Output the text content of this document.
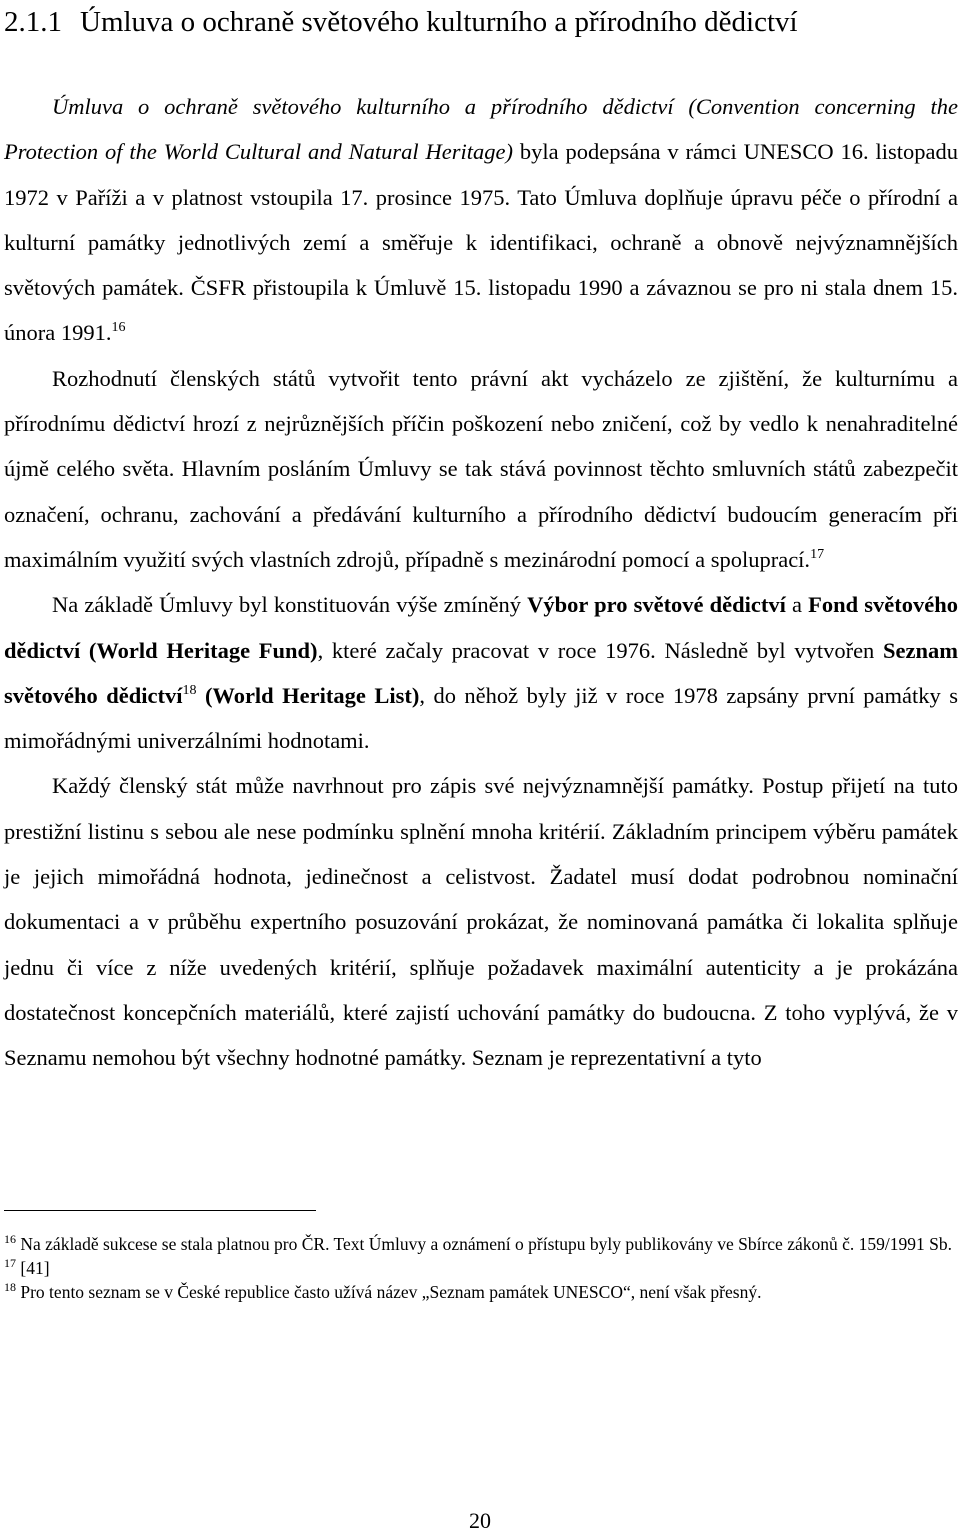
2.1.1 Úmluva o ochraně světového kulturního a přírodního dědictví

Úmluva o ochraně světového kulturního a přírodního dědictví (Convention concerning the Protection of the World Cultural and Natural Heritage) byla podepsána v rámci UNESCO 16. listopadu 1972 v Paříži a v platnost vstoupila 17. prosince 1975. Tato Úmluva doplňuje úpravu péče o přírodní a kulturní památky jednotlivých zemí a směřuje k identifikaci, ochraně a obnově nejvýznamnějších světových památek. ČSFR přistoupila k Úmluvě 15. listopadu 1990 a závaznou se pro ni stala dnem 15. února 1991.16

Rozhodnutí členských států vytvořit tento právní akt vycházelo ze zjištění, že kulturnímu a přírodnímu dědictví hrozí z nejrůznějších příčin poškození nebo zničení, což by vedlo k nenahraditelné újmě celého světa. Hlavním posláním Úmluvy se tak stává povinnost těchto smluvních států zabezpečit označení, ochranu, zachování a předávání kulturního a přírodního dědictví budoucím generacím při maximálním využití svých vlastních zdrojů, případně s mezinárodní pomocí a spoluprací.$^{17}$

Na základě Úmluvy byl konstituován výše zmíněný Výbor pro světové dědictví a Fond světového dědictví (World Heritage Fund), které začaly pracovat v roce 1976. Následně byl vytvořen Seznam světového dědictví$^{18}$ (World Heritage List), do něhož byly již v roce 1978 zapsány první památky s mimořádnými univerzálními hodnotami.

Každý členský stát může navrhnout pro zápis své nejvýznamnější památky. Postup přijetí na tuto prestižní listinu s sebou ale nese podmínku splnění mnoha kritérií. Základním principem výběru památek je jejich mimořádná hodnota, jedinečnost a celistvost. Žadatel musí dodat podrobnou nominační dokumentaci a v průběhu expertního posuzování prokázat, že nominovaná památka či lokalita splňuje jednu či více z níže uvedených kritérií, splňuje požadavek maximální autenticity a je prokázána dostatečnost koncepčních materiálů, které zajistí uchování památky do budoucna. Z toho vyplývá, že v Seznamu nemohou být všechny hodnotné památky. Seznam je reprezentativní a tyto

$^{16}$ Na základě sukcese se stala platnou pro ČR. Text Úmluvy a oznámení o přístupu byly publikovány ve Sbírce zákonů č. 159/1991 Sb.

$^{17}$ [41]

$^{18}$ Pro tento seznam se v České republice často užívá název „Seznam památek UNESCO“, není však přesný.

20
